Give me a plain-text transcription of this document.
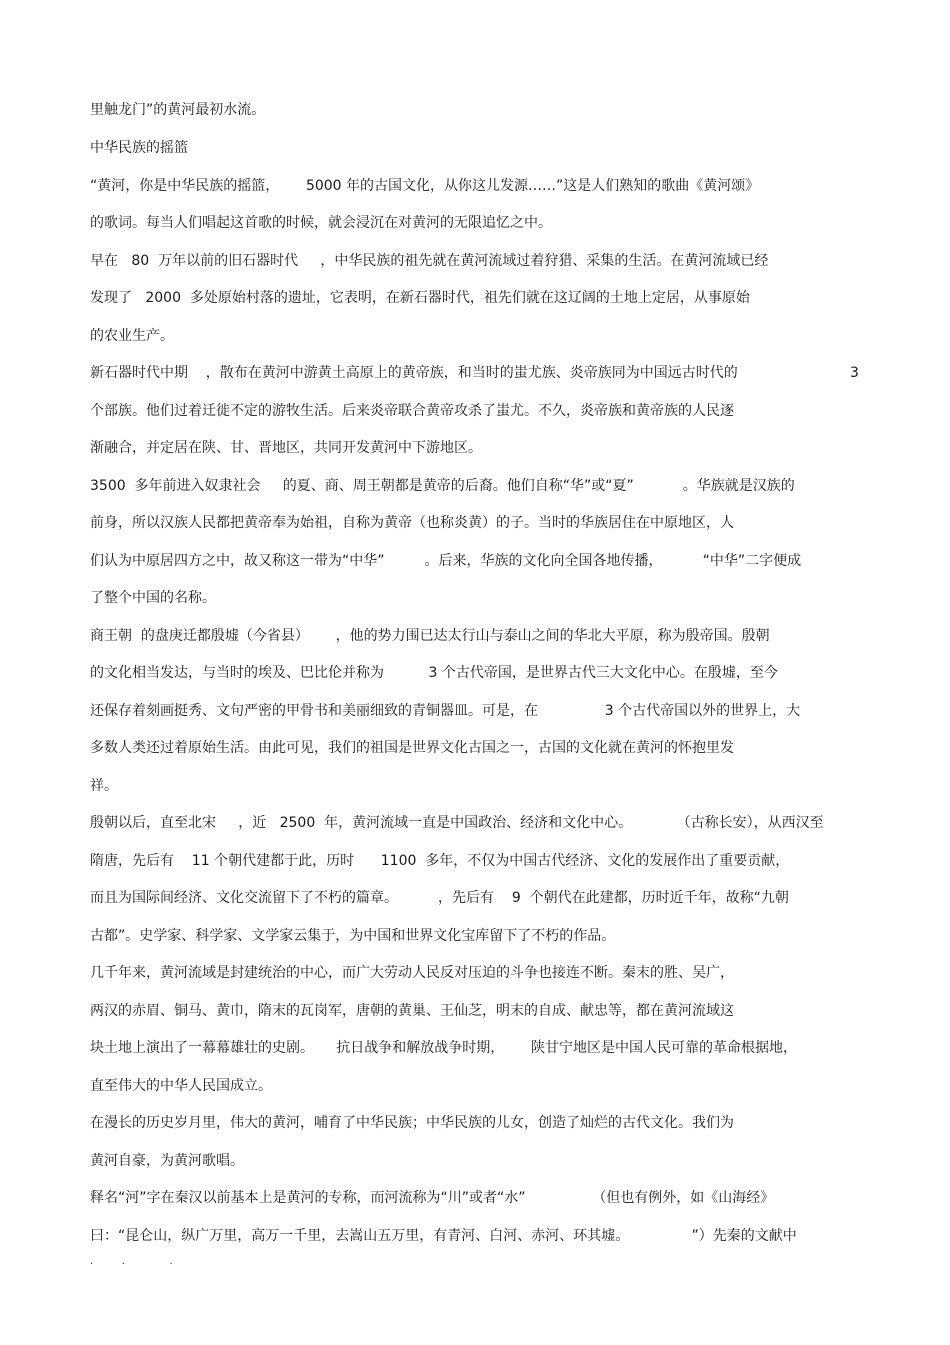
里触龙门”的黄河最初水流。

中华民族的摇篮

“黄河，你是中华民族的摇篮，      5000 年的古国文化，从你这儿发源……”这是人们熟知的歌曲《黄河颂》

的歌词。每当人们唱起这首歌的时候，就会浸沉在对黄河的无限追忆之中。

早在   80  万年以前的旧石器时代     ，中华民族的祖先就在黄河流域过着狩猎、采集的生活。在黄河流域已经

发现了   2000  多处原始村落的遗址，它表明，在新石器时代，祖先们就在这辽阔的土地上定居，从事原始

的农业生产。

新石器时代中期    ，散布在黄河中游黄土高原上的黄帝族，和当时的蚩尤族、炎帝族同为中国远古时代的	3

个部族。他们过着迁徙不定的游牧生活。后来炎帝联合黄帝攻杀了蚩尤。不久，炎帝族和黄帝族的人民逐

渐融合，并定居在陕、甘、晋地区，共同开发黄河中下游地区。

3500  多年前进入奴隶社会     的夏、商、周王朝都是黄帝的后裔。他们自称“华”或“夏”           。华族就是汉族的

前身，所以汉族人民都把黄帝奉为始祖，自称为黄帝（也称炎黄）的子。当时的华族居住在中原地区，人

们认为中原居四方之中，故又称这一带为“中华”         。后来，华族的文化向全国各地传播，         “中华”二字便成

了整个中国的名称。

商王朝  的盘庚迁都殷墟（今省县）      ，他的势力围已达太行山与泰山之间的华北大平原，称为殷帝国。殷朝

的文化相当发达，与当时的埃及、巴比伦并称为          3 个古代帝国，是世界古代三大文化中心。在殷墟，至今

还保存着刻画挺秀、文句严密的甲骨书和美丽细致的青铜器皿。可是，在               3 个古代帝国以外的世界上，大

多数人类还过着原始生活。由此可见，我们的祖国是世界文化古国之一，古国的文化就在黄河的怀抱里发

祥。

殷朝以后，直至北宋     ，近   2500  年，黄河流域一直是中国政治、经济和文化中心。          （古称长安），从西汉至

隋唐，先后有    11 个朝代建都于此，历时      1100  多年，不仅为中国古代经济、文化的发展作出了重要贡献，

而且为国际间经济、文化交流留下了不朽的篇章。         ，先后有    9  个朝代在此建都，历时近千年，故称“九朝

古都”。史学家、科学家、文学家云集于，为中国和世界文化宝库留下了不朽的作品。

几千年来，黄河流域是封建统治的中心，而广大劳动人民反对压迫的斗争也接连不断。秦末的胜、吴广，

两汉的赤眉、铜马、黄巾，隋末的瓦岗军，唐朝的黄巢、王仙芝，明末的自成、献忠等，都在黄河流域这

块土地上演出了一幕幕雄壮的史剧。     抗日战争和解放战争时期，      陕甘宁地区是中国人民可靠的革命根据地，

直至伟大的中华人民国成立。

在漫长的历史岁月里，伟大的黄河，哺育了中华民族；中华民族的儿女，创造了灿烂的古代文化。我们为

黄河自豪，为黄河歌唱。

释名“河”字在秦汉以前基本上是黄河的专称，而河流称为“川”或者“水”               （但也有例外，如《山海经》

曰：“昆仑山，纵广万里，高万一千里，去嵩山五万里，有青河、白河、赤河、环其墟。              ”）先秦的文献中

.         .              .
